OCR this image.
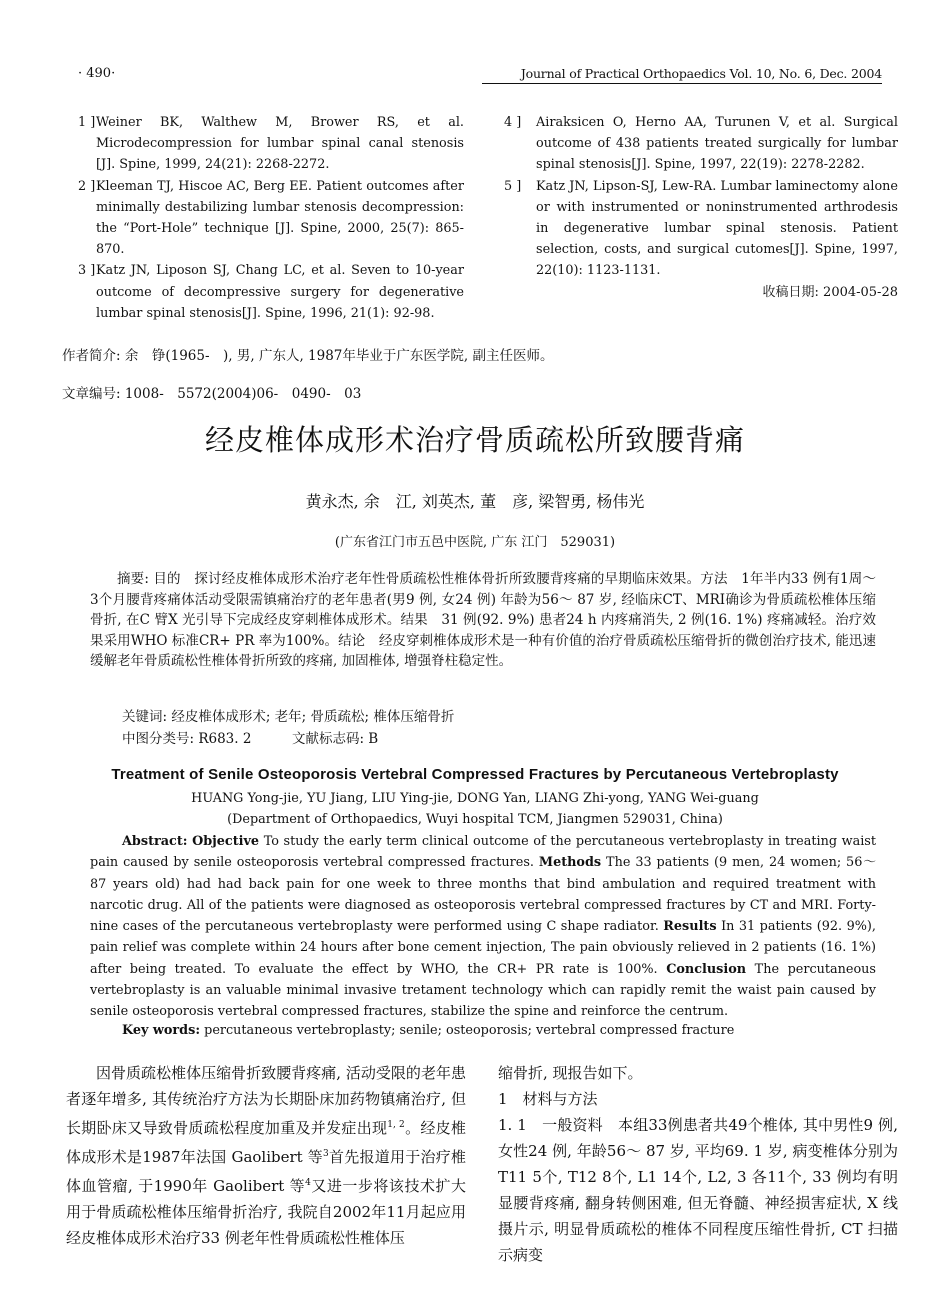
· 490·	Journal of Practical Orthopaedics Vol. 10, No. 6, Dec. 2004
1 ] Weiner BK, Walthew M, Brower RS, et al. Microdecompression for lumbar spinal canal stenosis [J]. Spine, 1999, 24(21): 2268-2272.
2 ] Kleeman TJ, Hiscoe AC, Berg EE. Patient outcomes after minimally destabilizing lumbar stenosis decompression: the “Port-Hole” technique [J]. Spine, 2000, 25(7): 865-870.
3 ] Katz JN, Liposon SJ, Chang LC, et al. Seven to 10-year outcome of decompressive surgery for degenerative lumbar spinal stenosis[J]. Spine, 1996, 21(1): 92-98.
4 ]	Airaksicen O, Herno AA, Turunen V, et al. Surgical outcome of 438 patients treated surgically for lumbar spinal stenosis[J]. Spine, 1997, 22(19): 2278-2282.
5 ]	Katz JN, Lipson-SJ, Lew-RA. Lumbar laminectomy alone or with instrumented or noninstrumented arthrodesis in degenerative lumbar spinal stenosis. Patient selection, costs, and surgical cutomes[J]. Spine, 1997, 22(10): 1123-1131.
收稿日期: 2004-05-28
作者简介: 余　铮(1965-　), 男, 广东人, 1987年毕业于广东医学院, 副主任医师。
文章编号: 1008-　5572(2004)06-　0490-　03
经皮椎体成形术治疗骨质疏松所致腰背痛
黄永杰, 余　江, 刘英杰, 董　彦, 梁智勇, 杨伟光
(广东省江门市五邑中医院, 广东 江门　529031)
摘要: 目的　探讨经皮椎体成形术治疗老年性骨质疏松性椎体骨折所致腰背疼痛的早期临床效果。方法　1年半内33 例有1周～ 3个月腰背疼痛体活动受限需镇痛治疗的老年患者(男9 例, 女24 例) 年龄为56～ 87 岁, 经临床CT、MRI确诊为骨质疏松椎体压缩骨折, 在C 臂X 光引导下完成经皮穿刺椎体成形术。结果　31 例(92. 9%) 患者24 h 内疼痛消失, 2 例(16. 1%) 疼痛减轻。治疗效果采用WHO 标准CR+ PR 率为100%。结论　经皮穿刺椎体成形术是一种有价值的治疗骨质疏松压缩骨折的微创治疗技术, 能迅速缓解老年骨质疏松性椎体骨折所致的疼痛, 加固椎体, 增强脊柱稳定性。
关键词: 经皮椎体成形术; 老年; 骨质疏松; 椎体压缩骨折
中图分类号: R683. 2　　　文献标志码: B
Treatment of Senile Osteoporosis Vertebral Compressed Fractures by Percutaneous Vertebroplasty
HUANG Yong-jie, YU Jiang, LIU Ying-jie, DONG Yan, LIANG Zhi-yong, YANG Wei-guang
(Department of Orthopaedics, Wuyi hospital TCM, Jiangmen 529031, China)
Abstract: Objective To study the early term clinical outcome of the percutaneous vertebroplasty in treating waist pain caused by senile osteoporosis vertebral compressed fractures. Methods The 33 patients (9 men, 24 women; 56～ 87 years old) had had back pain for one week to three months that bind ambulation and required treatment with narcotic drug. All of the patients were diagnosed as osteoporosis vertebral compressed fractures by CT and MRI. Forty-nine cases of the percutaneous vertebroplasty were performed using C shape radiator. Results In 31 patients (92. 9%), pain relief was complete within 24 hours after bone cement injection, The pain obviously relieved in 2 patients (16. 1%) after being treated. To evaluate the effect by WHO, the CR+ PR rate is 100%. Conclusion The percutaneous vertebroplasty is an valuable minimal invasive tretament technology which can rapidly remit the waist pain caused by senile osteoporosis vertebral compressed fractures, stabilize the spine and reinforce the centrum.
Key words: percutaneous vertebroplasty; senile; osteoporosis; vertebral compressed fracture
因骨质疏松椎体压缩骨折致腰背疼痛, 活动受限的老年患者逐年增多, 其传统治疗方法为长期卧床加药物镇痛治疗, 但长期卧床又导致骨质疏松程度加重及并发症出现$^{1, 2}$。经皮椎体成形术是1987年法国 Gaolibert 等$^3$首先报道用于治疗椎体血管瘤, 于1990年 Gaolibert 等$^4$又进一步将该技术扩大用于骨质疏松椎体压缩骨折治疗, 我院自2002年11月起应用经皮椎体成形术治疗33 例老年性骨质疏松性椎体压
缩骨折, 现报告如下。
1　材料与方法
1. 1　一般资料　本组33例患者共49个椎体, 其中男性9 例, 女性24 例, 年龄56～ 87 岁, 平均69. 1 岁, 病变椎体分别为T11 5个, T12 8个, L1 14个, L2, 3 各11个, 33 例均有明显腰背疼痛, 翻身转侧困难, 但无脊髓、神经损害症状, X 线摄片示, 明显骨质疏松的椎体不同程度压缩性骨折, CT 扫描示病变
